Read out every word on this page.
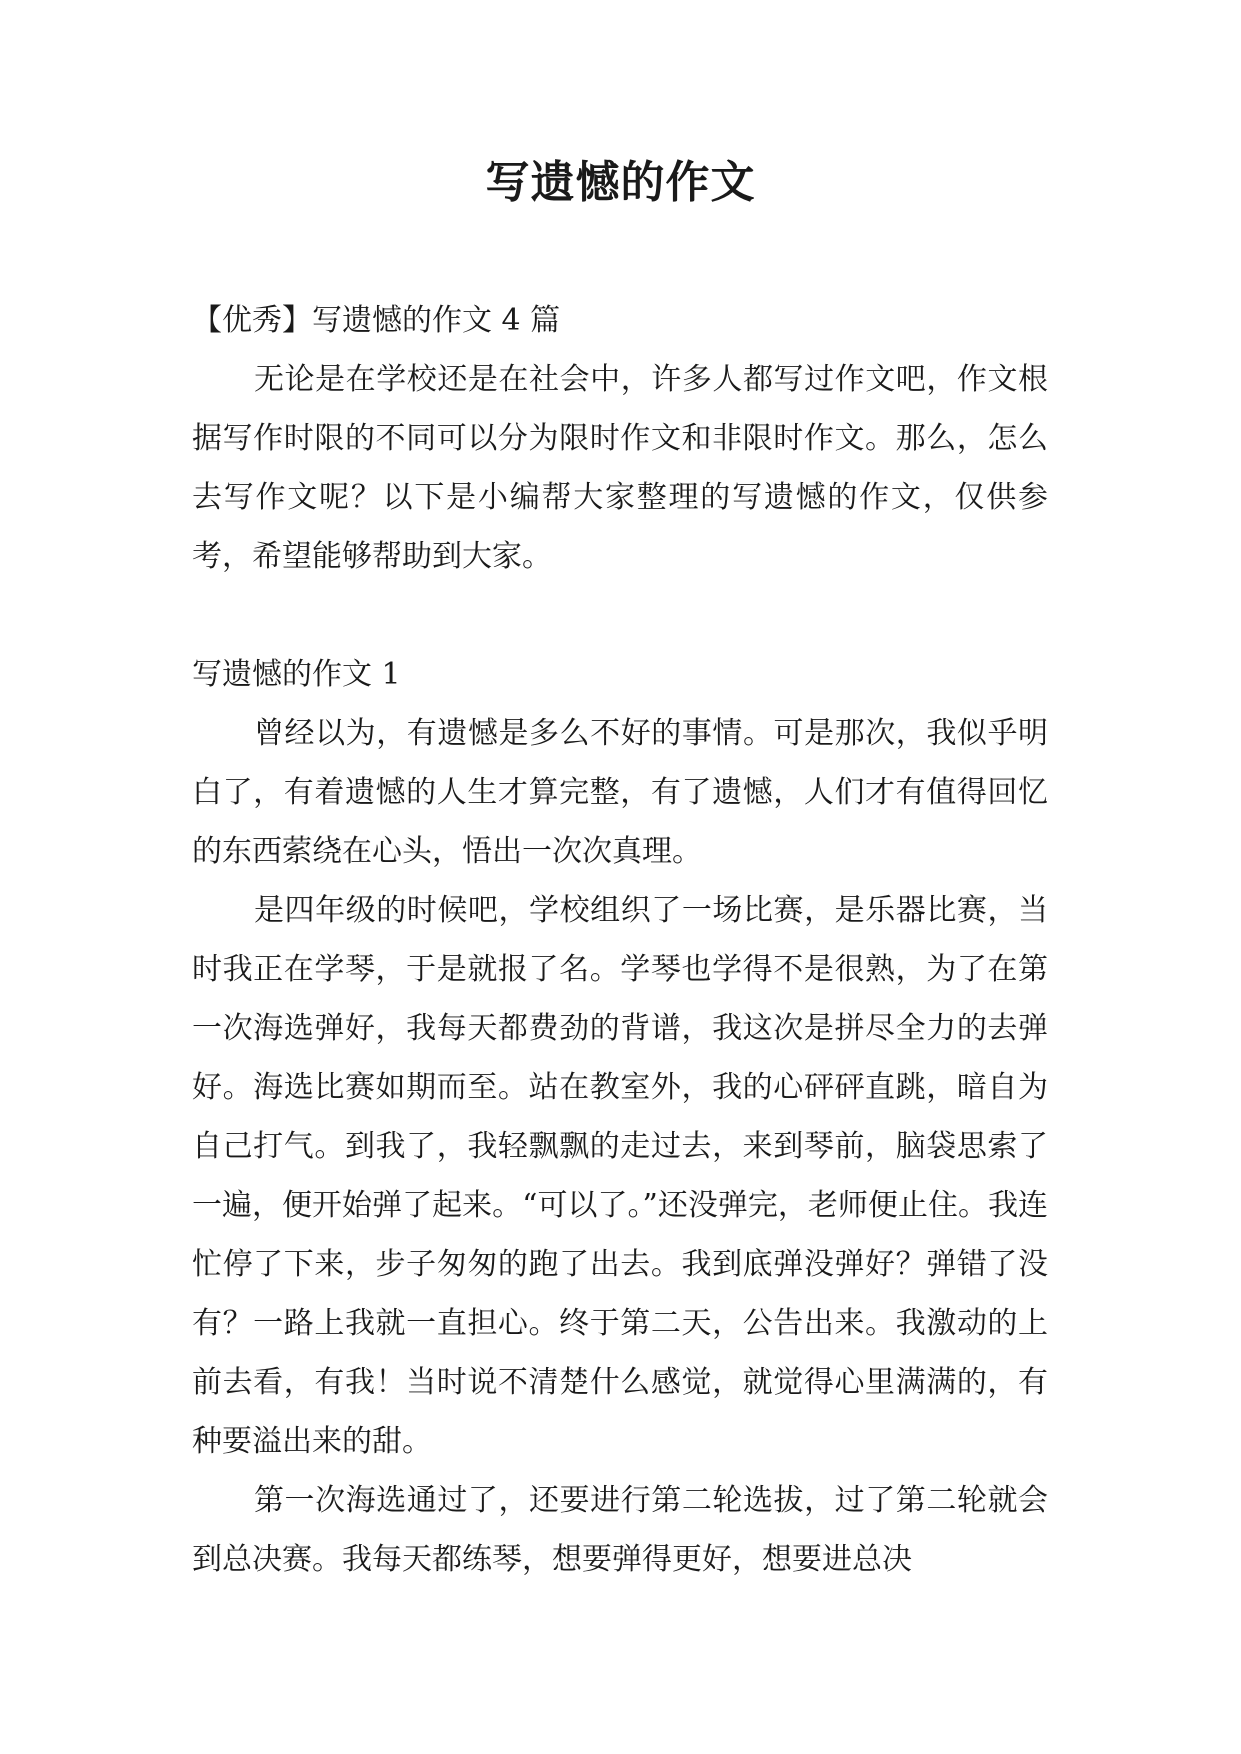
写遗憾的作文

【优秀】写遗憾的作文 4 篇

无论是在学校还是在社会中，许多人都写过作文吧，作文根据写作时限的不同可以分为限时作文和非限时作文。那么，怎么去写作文呢？以下是小编帮大家整理的写遗憾的作文，仅供参考，希望能够帮助到大家。

写遗憾的作文 1

曾经以为，有遗憾是多么不好的事情。可是那次，我似乎明白了，有着遗憾的人生才算完整，有了遗憾，人们才有值得回忆的东西萦绕在心头，悟出一次次真理。

是四年级的时候吧，学校组织了一场比赛，是乐器比赛，当时我正在学琴，于是就报了名。学琴也学得不是很熟，为了在第一次海选弹好，我每天都费劲的背谱，我这次是拼尽全力的去弹好。海选比赛如期而至。站在教室外，我的心砰砰直跳，暗自为自己打气。到我了，我轻飘飘的走过去，来到琴前，脑袋思索了一遍，便开始弹了起来。“可以了。”还没弹完，老师便止住。我连忙停了下来，步子匆匆的跑了出去。我到底弹没弹好？弹错了没有？一路上我就一直担心。终于第二天，公告出来。我激动的上前去看，有我！当时说不清楚什么感觉，就觉得心里满满的，有种要溢出来的甜。

第一次海选通过了，还要进行第二轮选拔，过了第二轮就会到总决赛。我每天都练琴，想要弹得更好，想要进总决
